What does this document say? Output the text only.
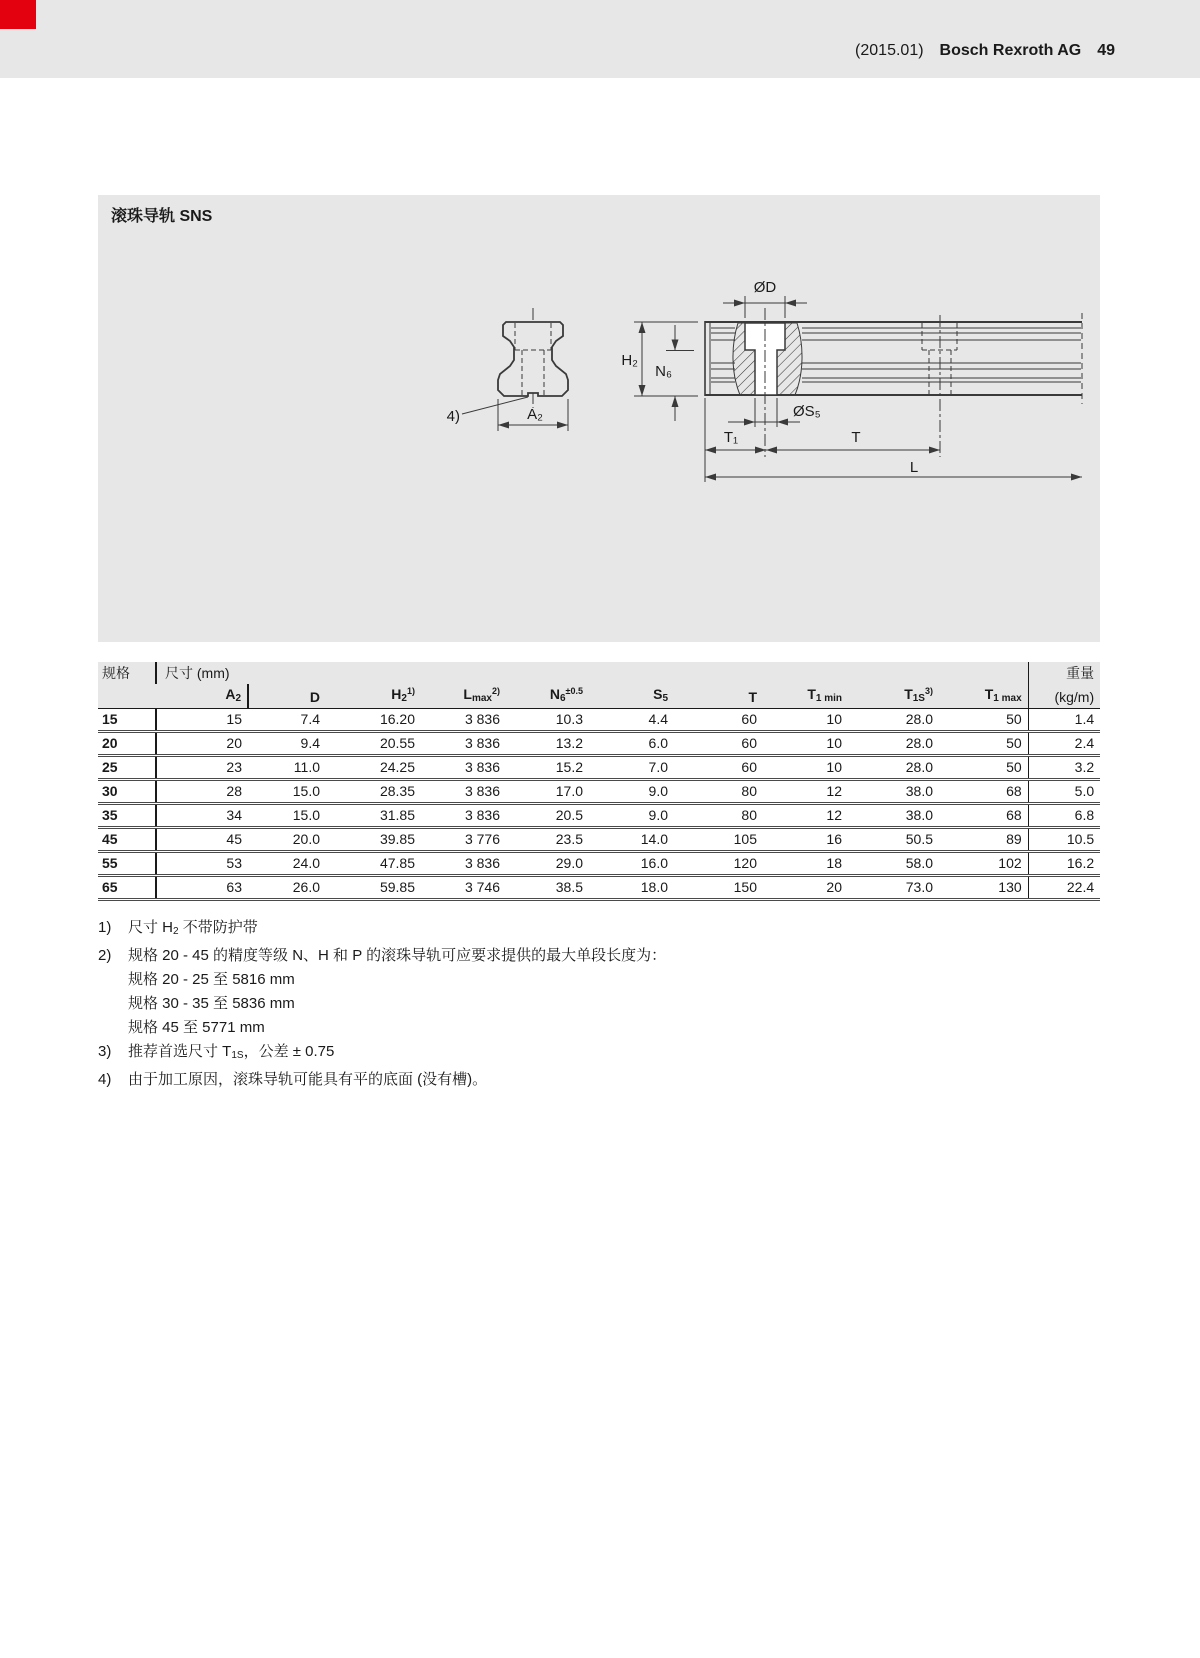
(2015.01) Bosch Rexroth AG 49
滚珠导轨 SNS
A₂
4)
ØD
H₂
N₆
ØS₅
T₁	T
L
规格	尺寸 (mm)										重量
	$A_2$	D	$H_2^{1)}$	$L_{max}^{2)}$	$N_6^{\pm 0.5}$	$S_5$	T	$T_{1 min}$	$T_{1S}^{3)}$	$T_{1 max}$	(kg/m)
15	15	7.4	16.20	3 836	10.3	4.4	60	10	28.0	50	1.4
20	20	9.4	20.55	3 836	13.2	6.0	60	10	28.0	50	2.4
25	23	11.0	24.25	3 836	15.2	7.0	60	10	28.0	50	3.2
30	28	15.0	28.35	3 836	17.0	9.0	80	12	38.0	68	5.0
35	34	15.0	31.85	3 836	20.5	9.0	80	12	38.0	68	6.8
45	45	20.0	39.85	3 776	23.5	14.0	105	16	50.5	89	10.5
55	53	24.0	47.85	3 836	29.0	16.0	120	18	58.0	102	16.2
65	63	26.0	59.85	3 746	38.5	18.0	150	20	73.0	130	22.4
1)	尺寸 $H_2$ 不带防护带
2)	规格 20 - 45 的精度等级 N、H 和 P 的滚珠导轨可应要求提供的最大单段长度为：
规格 20 - 25 至 5816 mm
规格 30 - 35 至 5836 mm
规格 45 至 5771 mm
3)	推荐首选尺寸 $T_{1S}$，公差 ± 0.75
4)	由于加工原因，滚珠导轨可能具有平的底面 (没有槽)。
